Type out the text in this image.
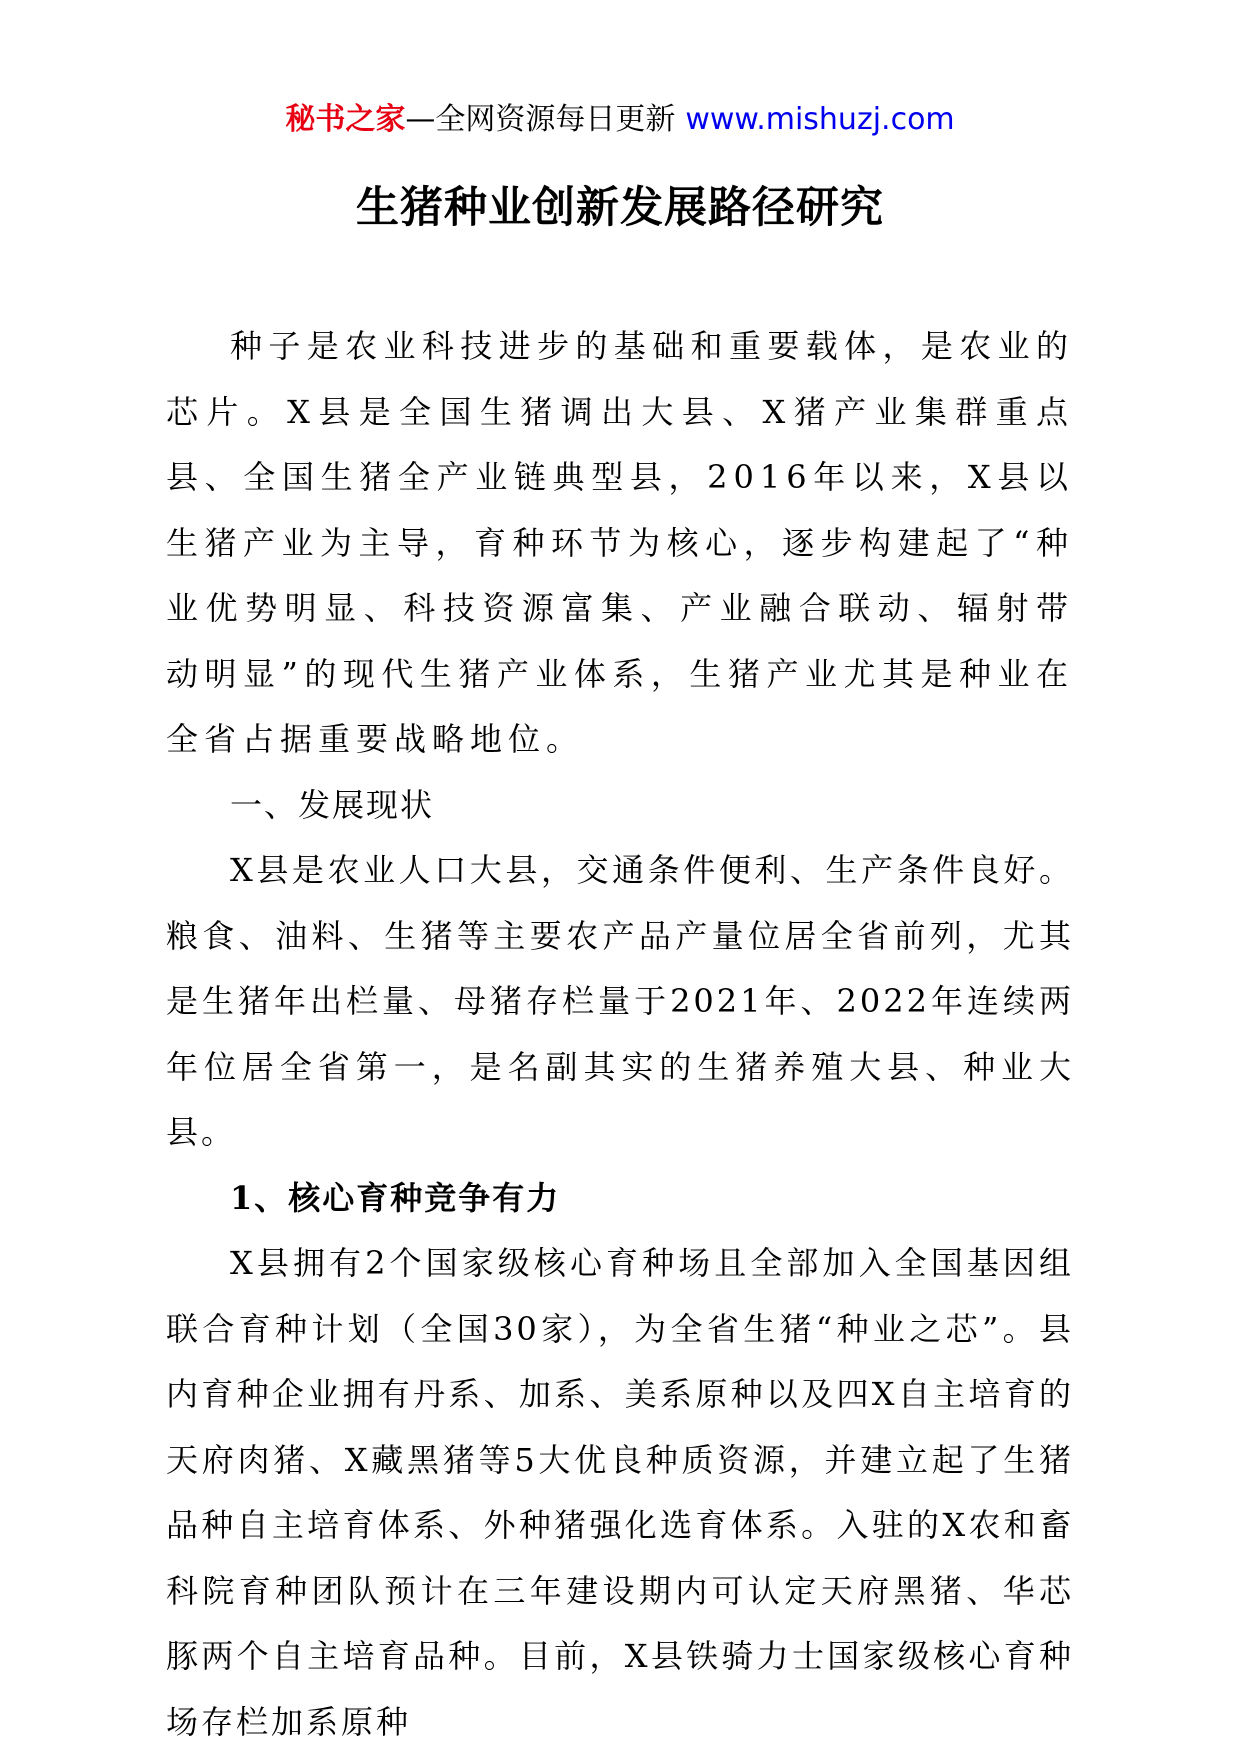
秘书之家—全网资源每日更新 www.mishuzj.com
生猪种业创新发展路径研究

种子是农业科技进步的基础和重要载体，是农业的芯片。X县是全国生猪调出大县、X猪产业集群重点县、全国生猪全产业链典型县，2016年以来，X县以生猪产业为主导，育种环节为核心，逐步构建起了“种业优势明显、科技资源富集、产业融合联动、辐射带动明显”的现代生猪产业体系，生猪产业尤其是种业在全省占据重要战略地位。

一、发展现状

X县是农业人口大县，交通条件便利、生产条件良好。粮食、油料、生猪等主要农产品产量位居全省前列，尤其是生猪年出栏量、母猪存栏量于2021年、2022年连续两年位居全省第一，是名副其实的生猪养殖大县、种业大县。

1、核心育种竞争有力

X县拥有2个国家级核心育种场且全部加入全国基因组联合育种计划（全国30家），为全省生猪“种业之芯”。县内育种企业拥有丹系、加系、美系原种以及四X自主培育的天府肉猪、X藏黑猪等5大优良种质资源，并建立起了生猪品种自主培育体系、外种猪强化选育体系。入驻的X农和畜科院育种团队预计在三年建设期内可认定天府黑猪、华芯豚两个自主培育品种。目前，X县铁骑力士国家级核心育种场存栏加系原种
